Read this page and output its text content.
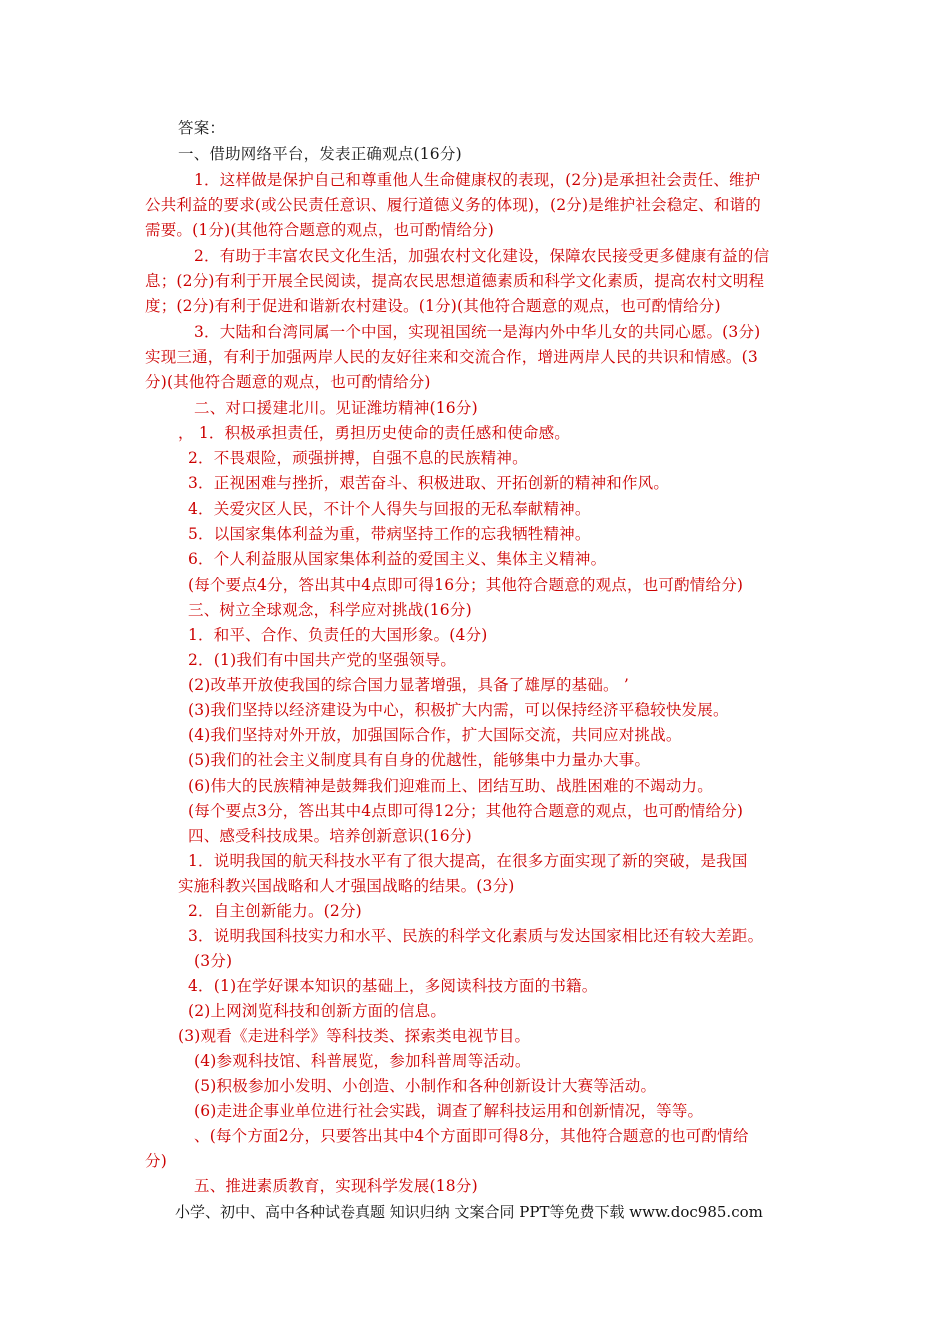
答案：
一、借助网络平台，发表正确观点(16分)
1．这样做是保护自己和尊重他人生命健康权的表现，(2分)是承担社会责任、维护
公共利益的要求(或公民责任意识、履行道德义务的体现)，(2分)是维护社会稳定、和谐的
需要。(1分)(其他符合题意的观点，也可酌情给分)
2．有助于丰富农民文化生活，加强农村文化建设，保障农民接受更多健康有益的信
息；(2分)有利于开展全民阅读，提高农民思想道德素质和科学文化素质，提高农村文明程
度；(2分)有利于促进和谐新农村建设。(1分)(其他符合题意的观点，也可酌情给分)
3．大陆和台湾同属一个中国，实现祖国统一是海内外中华儿女的共同心愿。(3分)
实现三通，有利于加强两岸人民的友好往来和交流合作，增进两岸人民的共识和情感。(3
分)(其他符合题意的观点，也可酌情给分)
二、对口援建北川。见证潍坊精神(16分)
， 1．积极承担责任，勇担历史使命的责任感和使命感。
2．不畏艰险，顽强拼搏，自强不息的民族精神。
3．正视困难与挫折，艰苦奋斗、积极进取、开拓创新的精神和作风。
4．关爱灾区人民，不计个人得失与回报的无私奉献精神。
5．以国家集体利益为重，带病坚持工作的忘我牺牲精神。
6．个人利益服从国家集体利益的爱国主义、集体主义精神。
(每个要点4分，答出其中4点即可得16分；其他符合题意的观点，也可酌情给分)
三、树立全球观念，科学应对挑战(16分)
1．和平、合作、负责任的大国形象。(4分)
2．(1)我们有中国共产党的坚强领导。
(2)改革开放使我国的综合国力显著增强，具备了雄厚的基础。 ’
(3)我们坚持以经济建设为中心，积极扩大内需，可以保持经济平稳较快发展。
(4)我们坚持对外开放，加强国际合作，扩大国际交流，共同应对挑战。
(5)我们的社会主义制度具有自身的优越性，能够集中力量办大事。
(6)伟大的民族精神是鼓舞我们迎难而上、团结互助、战胜困难的不竭动力。
(每个要点3分，答出其中4点即可得12分；其他符合题意的观点，也可酌情给分)
四、感受科技成果。培养创新意识(16分)
1．说明我国的航天科技水平有了很大提高，在很多方面实现了新的突破，是我国
实施科教兴国战略和人才强国战略的结果。(3分)
2．自主创新能力。(2分)
3．说明我国科技实力和水平、民族的科学文化素质与发达国家相比还有较大差距。
(3分)
4．(1)在学好课本知识的基础上，多阅读科技方面的书籍。
(2)上网浏览科技和创新方面的信息。
(3)观看《走进科学》等科技类、探索类电视节目。
(4)参观科技馆、科普展览，参加科普周等活动。
(5)积极参加小发明、小创造、小制作和各种创新设计大赛等活动。
(6)走进企事业单位进行社会实践，调查了解科技运用和创新情况，等等。
、(每个方面2分，只要答出其中4个方面即可得8分，其他符合题意的也可酌情给
分)
五、推进素质教育，实现科学发展(18分)
小学、初中、高中各种试卷真题 知识归纳 文案合同 PPT等免费下载 www.doc985.com
